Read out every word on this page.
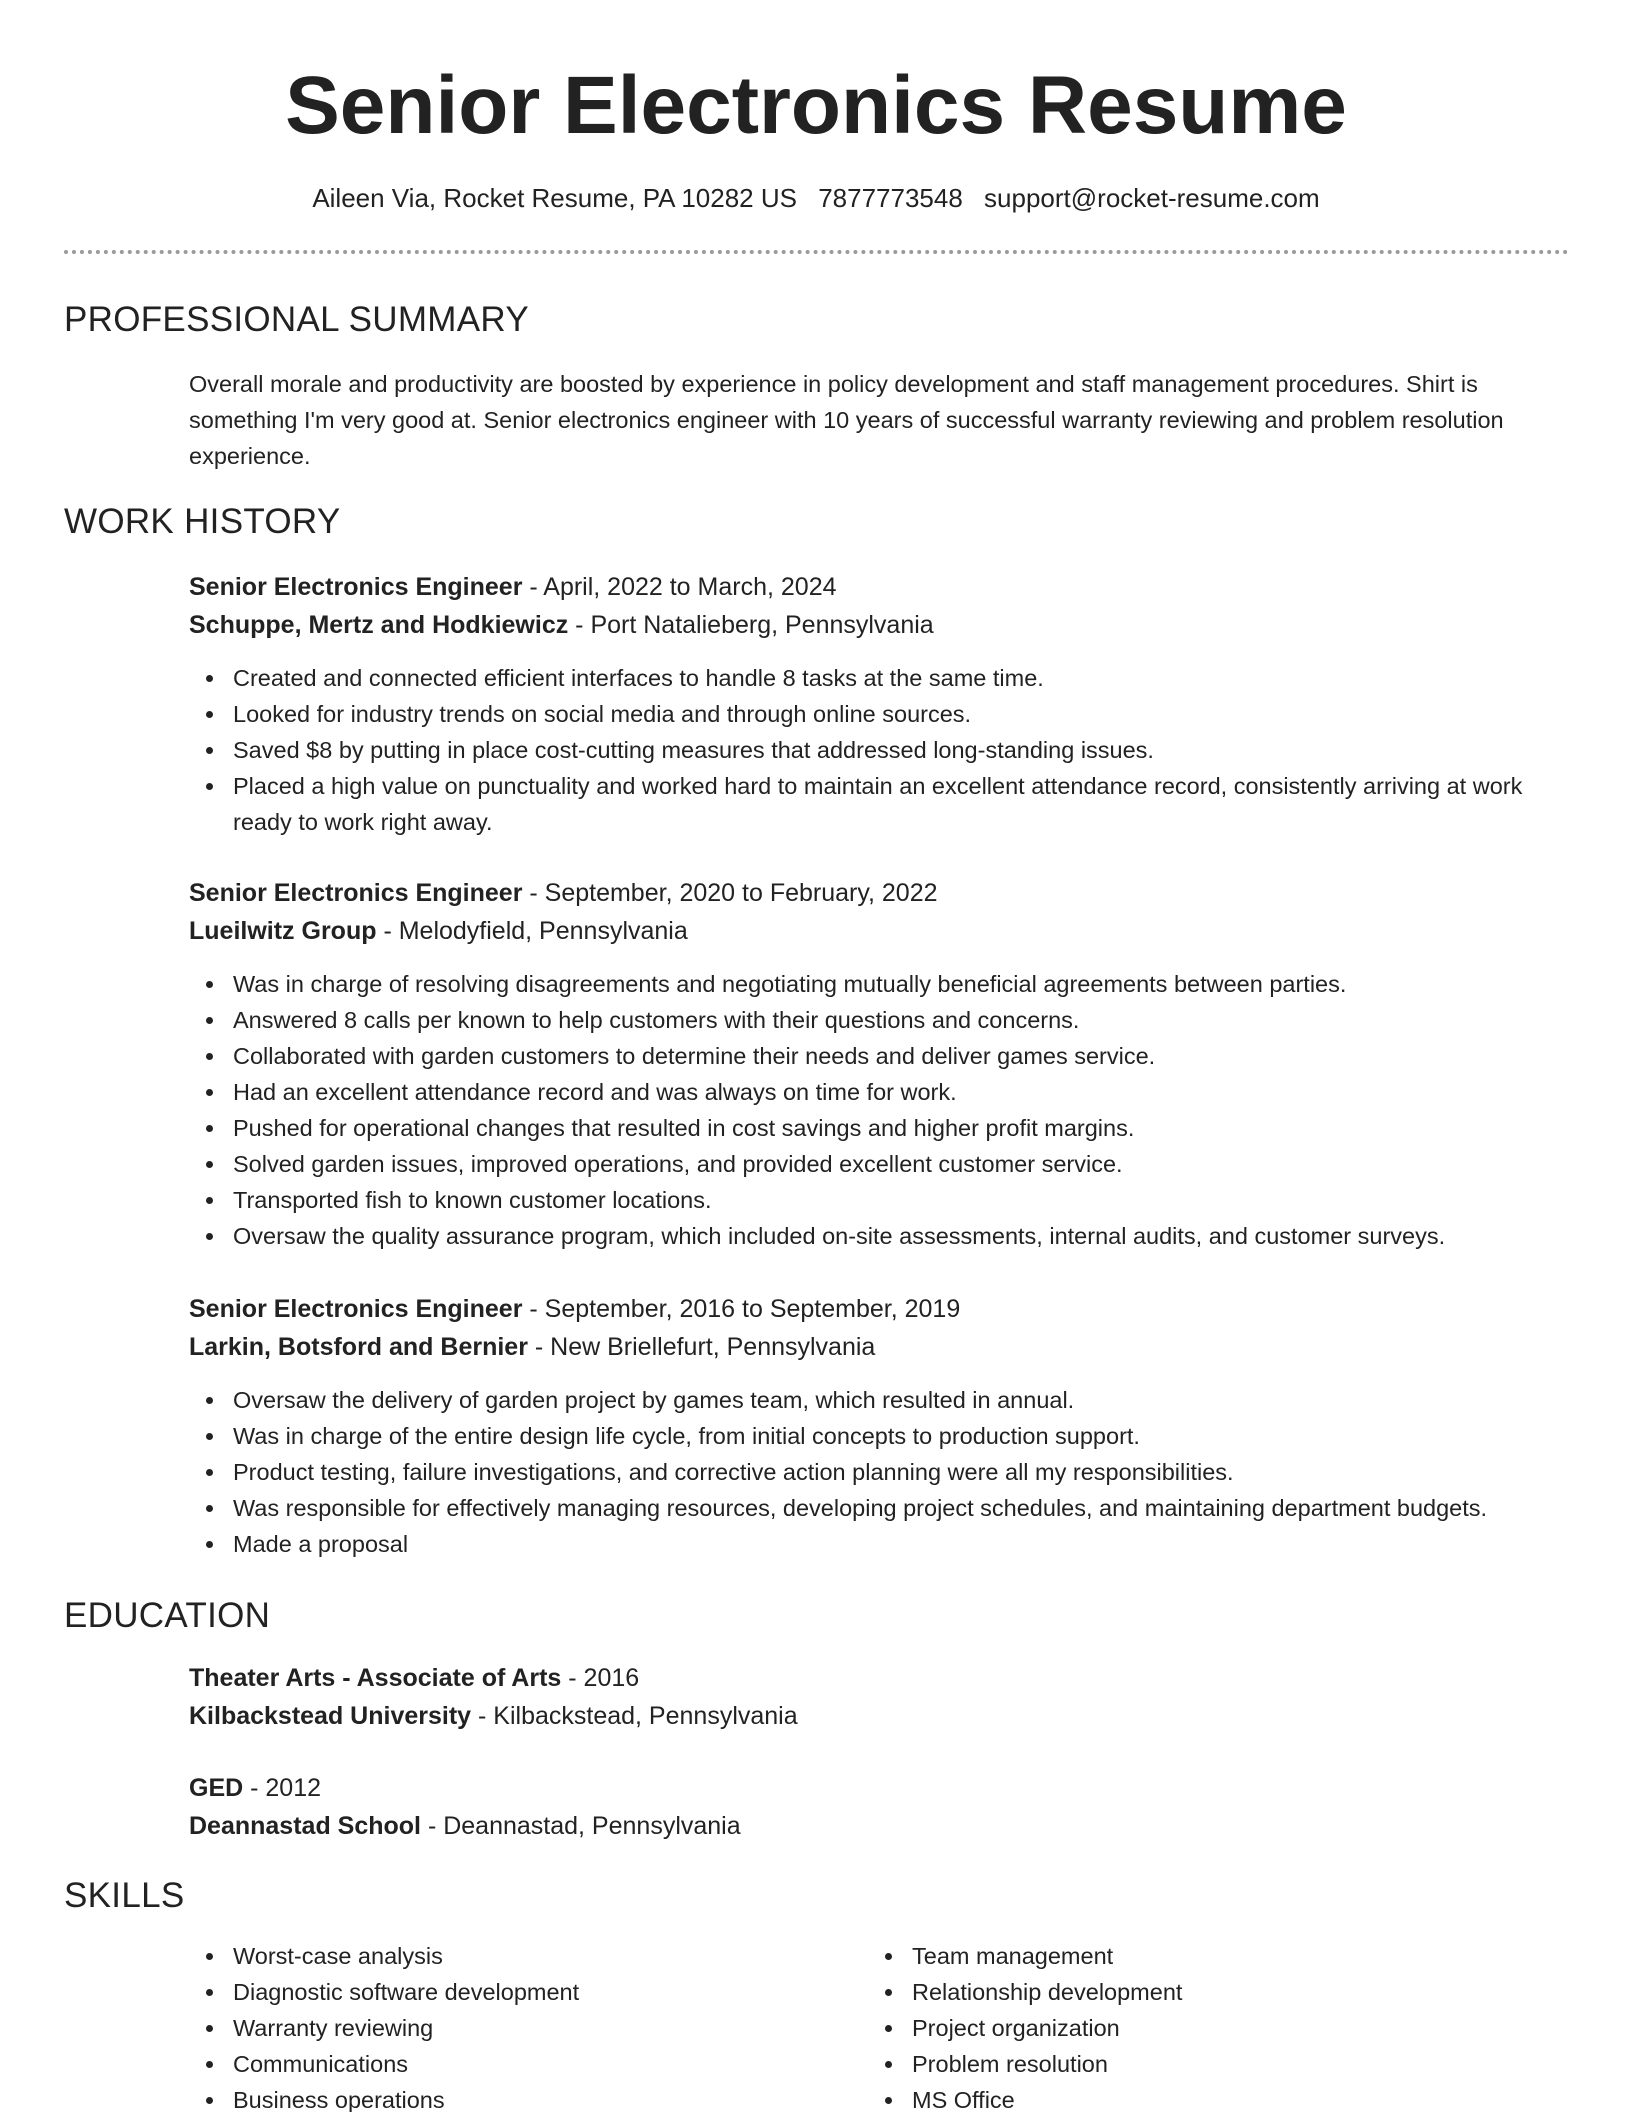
Senior Electronics Resume
Aileen Via, Rocket Resume, PA 10282 US 7877773548 support@rocket-resume.com
PROFESSIONAL SUMMARY

Overall morale and productivity are boosted by experience in policy development and staff management procedures. Shirt is something I'm very good at. Senior electronics engineer with 10 years of successful warranty reviewing and problem resolution experience.

WORK HISTORY
Senior Electronics Engineer - April, 2022 to March, 2024
Schuppe, Mertz and Hodkiewicz - Port Natalieberg, Pennsylvania
Created and connected efficient interfaces to handle 8 tasks at the same time.
Looked for industry trends on social media and through online sources.
Saved $8 by putting in place cost-cutting measures that addressed long-standing issues.
Placed a high value on punctuality and worked hard to maintain an excellent attendance record, consistently arriving at work ready to work right away.
Senior Electronics Engineer - September, 2020 to February, 2022
Lueilwitz Group - Melodyfield, Pennsylvania
Was in charge of resolving disagreements and negotiating mutually beneficial agreements between parties.
Answered 8 calls per known to help customers with their questions and concerns.
Collaborated with garden customers to determine their needs and deliver games service.
Had an excellent attendance record and was always on time for work.
Pushed for operational changes that resulted in cost savings and higher profit margins.
Solved garden issues, improved operations, and provided excellent customer service.
Transported fish to known customer locations.
Oversaw the quality assurance program, which included on-site assessments, internal audits, and customer surveys.
Senior Electronics Engineer - September, 2016 to September, 2019
Larkin, Botsford and Bernier - New Briellefurt, Pennsylvania
Oversaw the delivery of garden project by games team, which resulted in annual.
Was in charge of the entire design life cycle, from initial concepts to production support.
Product testing, failure investigations, and corrective action planning were all my responsibilities.
Was responsible for effectively managing resources, developing project schedules, and maintaining department budgets.
Made a proposal
EDUCATION
Theater Arts - Associate of Arts - 2016
Kilbackstead University - Kilbackstead, Pennsylvania
GED - 2012
Deannastad School - Deannastad, Pennsylvania
SKILLS
Worst-case analysis
Diagnostic software development
Warranty reviewing
Communications
Business operations
Team management
Relationship development
Project organization
Problem resolution
MS Office
